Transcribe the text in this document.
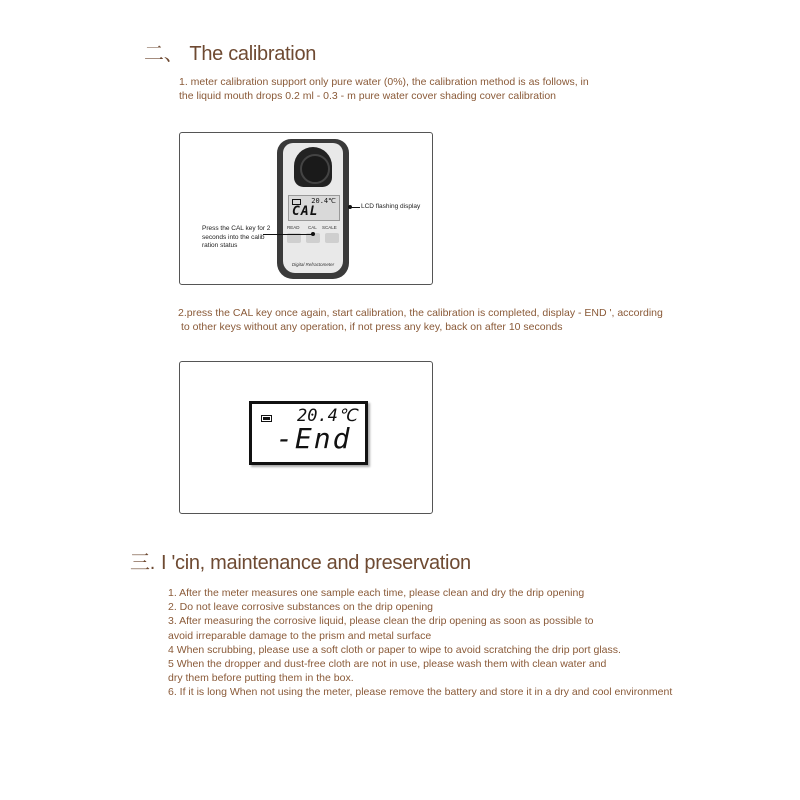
二、 The calibration
1. meter calibration support only pure water (0%), the calibration method is as follows, in
the liquid mouth drops 0.2 ml - 0.3 - m pure water cover shading cover calibration
20.4℃
CAL
READ CAL SCALE
Digital Refractometer
Press the CAL key for 2
seconds into the calib
ration status
LCD flashing display
2.press the CAL key once again, start calibration, the calibration is completed, display - END ', according
to other keys without any operation, if not press any key, back on after 10 seconds
20.4℃
-End
三. I 'cin, maintenance and preservation
1. After the meter measures one sample each time, please clean and dry the drip opening
2. Do not leave corrosive substances on the drip opening
3. After measuring the corrosive liquid, please clean the drip opening as soon as possible to
avoid irreparable damage to the prism and metal surface
4 When scrubbing, please use a soft cloth or paper to wipe to avoid scratching the drip port glass.
5 When the dropper and dust-free cloth are not in use, please wash them with clean water and
dry them before putting them in the box.
6. If it is long When not using the meter, please remove the battery and store it in a dry and cool environment
